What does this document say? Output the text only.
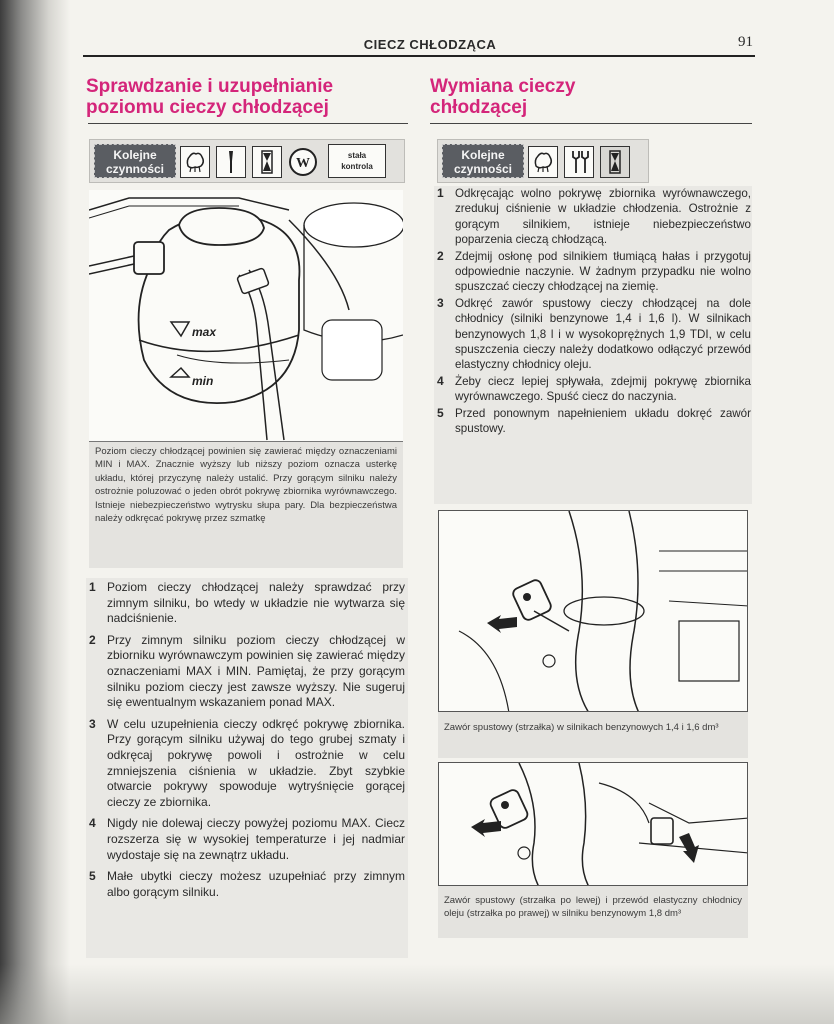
CIECZ CHŁODZĄCA	91
Sprawdzanie i uzupełnianie
poziomu cieczy chłodzącej
Kolejne
czynności	W
stała
kontrola
max
min
Poziom cieczy chłodzącej powinien się zawierać między oznaczeniami MIN i MAX. Znacznie wyższy lub niższy poziom oznacza usterkę układu, której przyczynę należy ustalić. Przy gorącym silniku należy ostrożnie poluzować o jeden obrót pokrywę zbiornika wyrównawczego. Istnieje niebezpieczeństwo wytrysku słupa pary. Dla bezpieczeństwa należy odkręcać pokrywę przez szmatkę
1 Poziom cieczy chłodzącej należy sprawdzać przy zimnym silniku, bo wtedy w układzie nie wytwarza się nadciśnienie.
2 Przy zimnym silniku poziom cieczy chłodzącej w zbiorniku wyrównawczym powinien się zawierać między oznaczeniami MAX i MIN. Pamiętaj, że przy gorącym silniku poziom cieczy jest zawsze wyższy. Nie sugeruj się ewentualnym wskazaniem ponad MAX.
3 W celu uzupełnienia cieczy odkręć pokrywę zbiornika. Przy gorącym silniku używaj do tego grubej szmaty i odkręcaj pokrywę powoli i ostrożnie w celu zmniejszenia ciśnienia w układzie. Zbyt szybkie otwarcie pokrywy spowoduje wytryśnięcie gorącej cieczy ze zbiornika.
4 Nigdy nie dolewaj cieczy powyżej poziomu MAX. Ciecz rozszerza się w wysokiej temperaturze i jej nadmiar wydostaje się na zewnątrz układu.
5 Małe ubytki cieczy możesz uzupełniać przy zimnym albo gorącym silniku.
Wymiana cieczy
chłodzącej
Kolejne
czynności
1 Odkręcając wolno pokrywę zbiornika wyrównawczego, zredukuj ciśnienie w układzie chłodzenia. Ostrożnie z gorącym silnikiem, istnieje niebezpieczeństwo poparzenia cieczą chłodzącą.
2 Zdejmij osłonę pod silnikiem tłumiącą hałas i przygotuj odpowiednie naczynie. W żadnym przypadku nie wolno spuszczać cieczy chłodzącej na ziemię.
3 Odkręć zawór spustowy cieczy chłodzącej na dole chłodnicy (silniki benzynowe 1,4 i 1,6 l). W silnikach benzynowych 1,8 l i w wysokoprężnych 1,9 TDI, w celu spuszczenia cieczy należy dodatkowo odłączyć przewód elastyczny chłodnicy oleju.
4 Żeby ciecz lepiej spływała, zdejmij pokrywę zbiornika wyrównawczego. Spuść ciecz do naczynia.
5 Przed ponownym napełnieniem układu dokręć zawór spustowy.
Zawór spustowy (strzałka) w silnikach benzynowych 1,4 i 1,6 dm³
Zawór spustowy (strzałka po lewej) i przewód elastyczny chłodnicy oleju (strzałka po prawej) w silniku benzynowym 1,8 dm³
